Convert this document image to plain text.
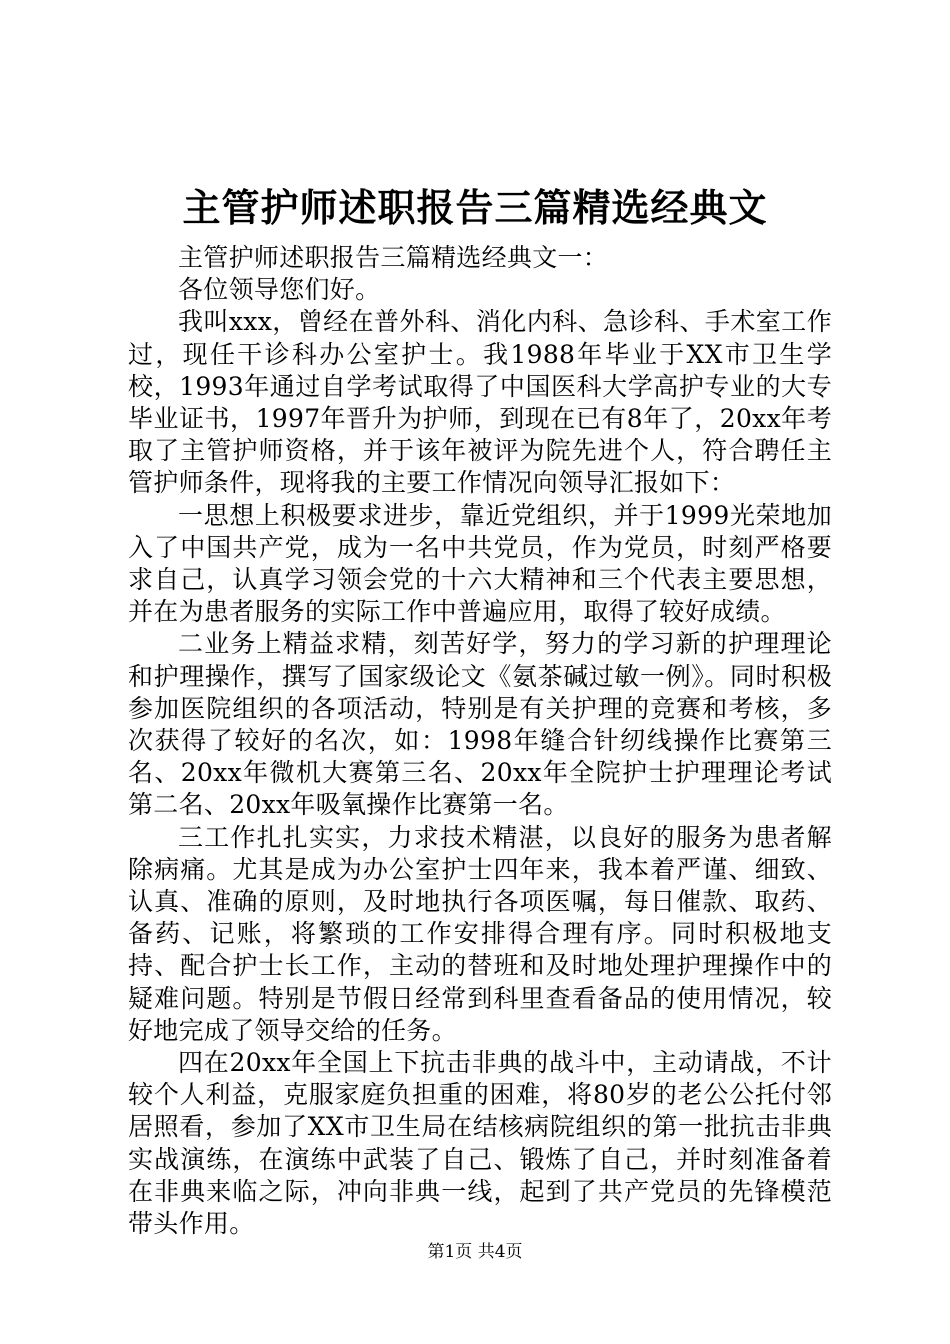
主管护师述职报告三篇精选经典文

主管护师述职报告三篇精选经典文一：

各位领导您们好。

我叫xxx，曾经在普外科、消化内科、急诊科、手术室工作过，现任干诊科办公室护士。我1988年毕业于XX市卫生学校，1993年通过自学考试取得了中国医科大学高护专业的大专毕业证书，1997年晋升为护师，到现在已有8年了，20xx年考取了主管护师资格，并于该年被评为院先进个人，符合聘任主管护师条件，现将我的主要工作情况向领导汇报如下：

一思想上积极要求进步，靠近党组织，并于1999光荣地加入了中国共产党，成为一名中共党员，作为党员，时刻严格要求自己，认真学习领会党的十六大精神和三个代表主要思想，并在为患者服务的实际工作中普遍应用，取得了较好成绩。

二业务上精益求精，刻苦好学，努力的学习新的护理理论和护理操作，撰写了国家级论文《氨茶碱过敏一例》。同时积极参加医院组织的各项活动，特别是有关护理的竞赛和考核，多次获得了较好的名次，如：1998年缝合针纫线操作比赛第三名、20xx年微机大赛第三名、20xx年全院护士护理理论考试第二名、20xx年吸氧操作比赛第一名。

三工作扎扎实实，力求技术精湛，以良好的服务为患者解除病痛。尤其是成为办公室护士四年来，我本着严谨、细致、认真、准确的原则，及时地执行各项医嘱，每日催款、取药、备药、记账，将繁琐的工作安排得合理有序。同时积极地支持、配合护士长工作，主动的替班和及时地处理护理操作中的疑难问题。特别是节假日经常到科里查看备品的使用情况，较好地完成了领导交给的任务。

四在20xx年全国上下抗击非典的战斗中，主动请战，不计较个人利益，克服家庭负担重的困难，将80岁的老公公托付邻居照看，参加了XX市卫生局在结核病院组织的第一批抗击非典实战演练，在演练中武装了自己、锻炼了自己，并时刻准备着在非典来临之际，冲向非典一线，起到了共产党员的先锋模范带头作用。

第1页 共4页
